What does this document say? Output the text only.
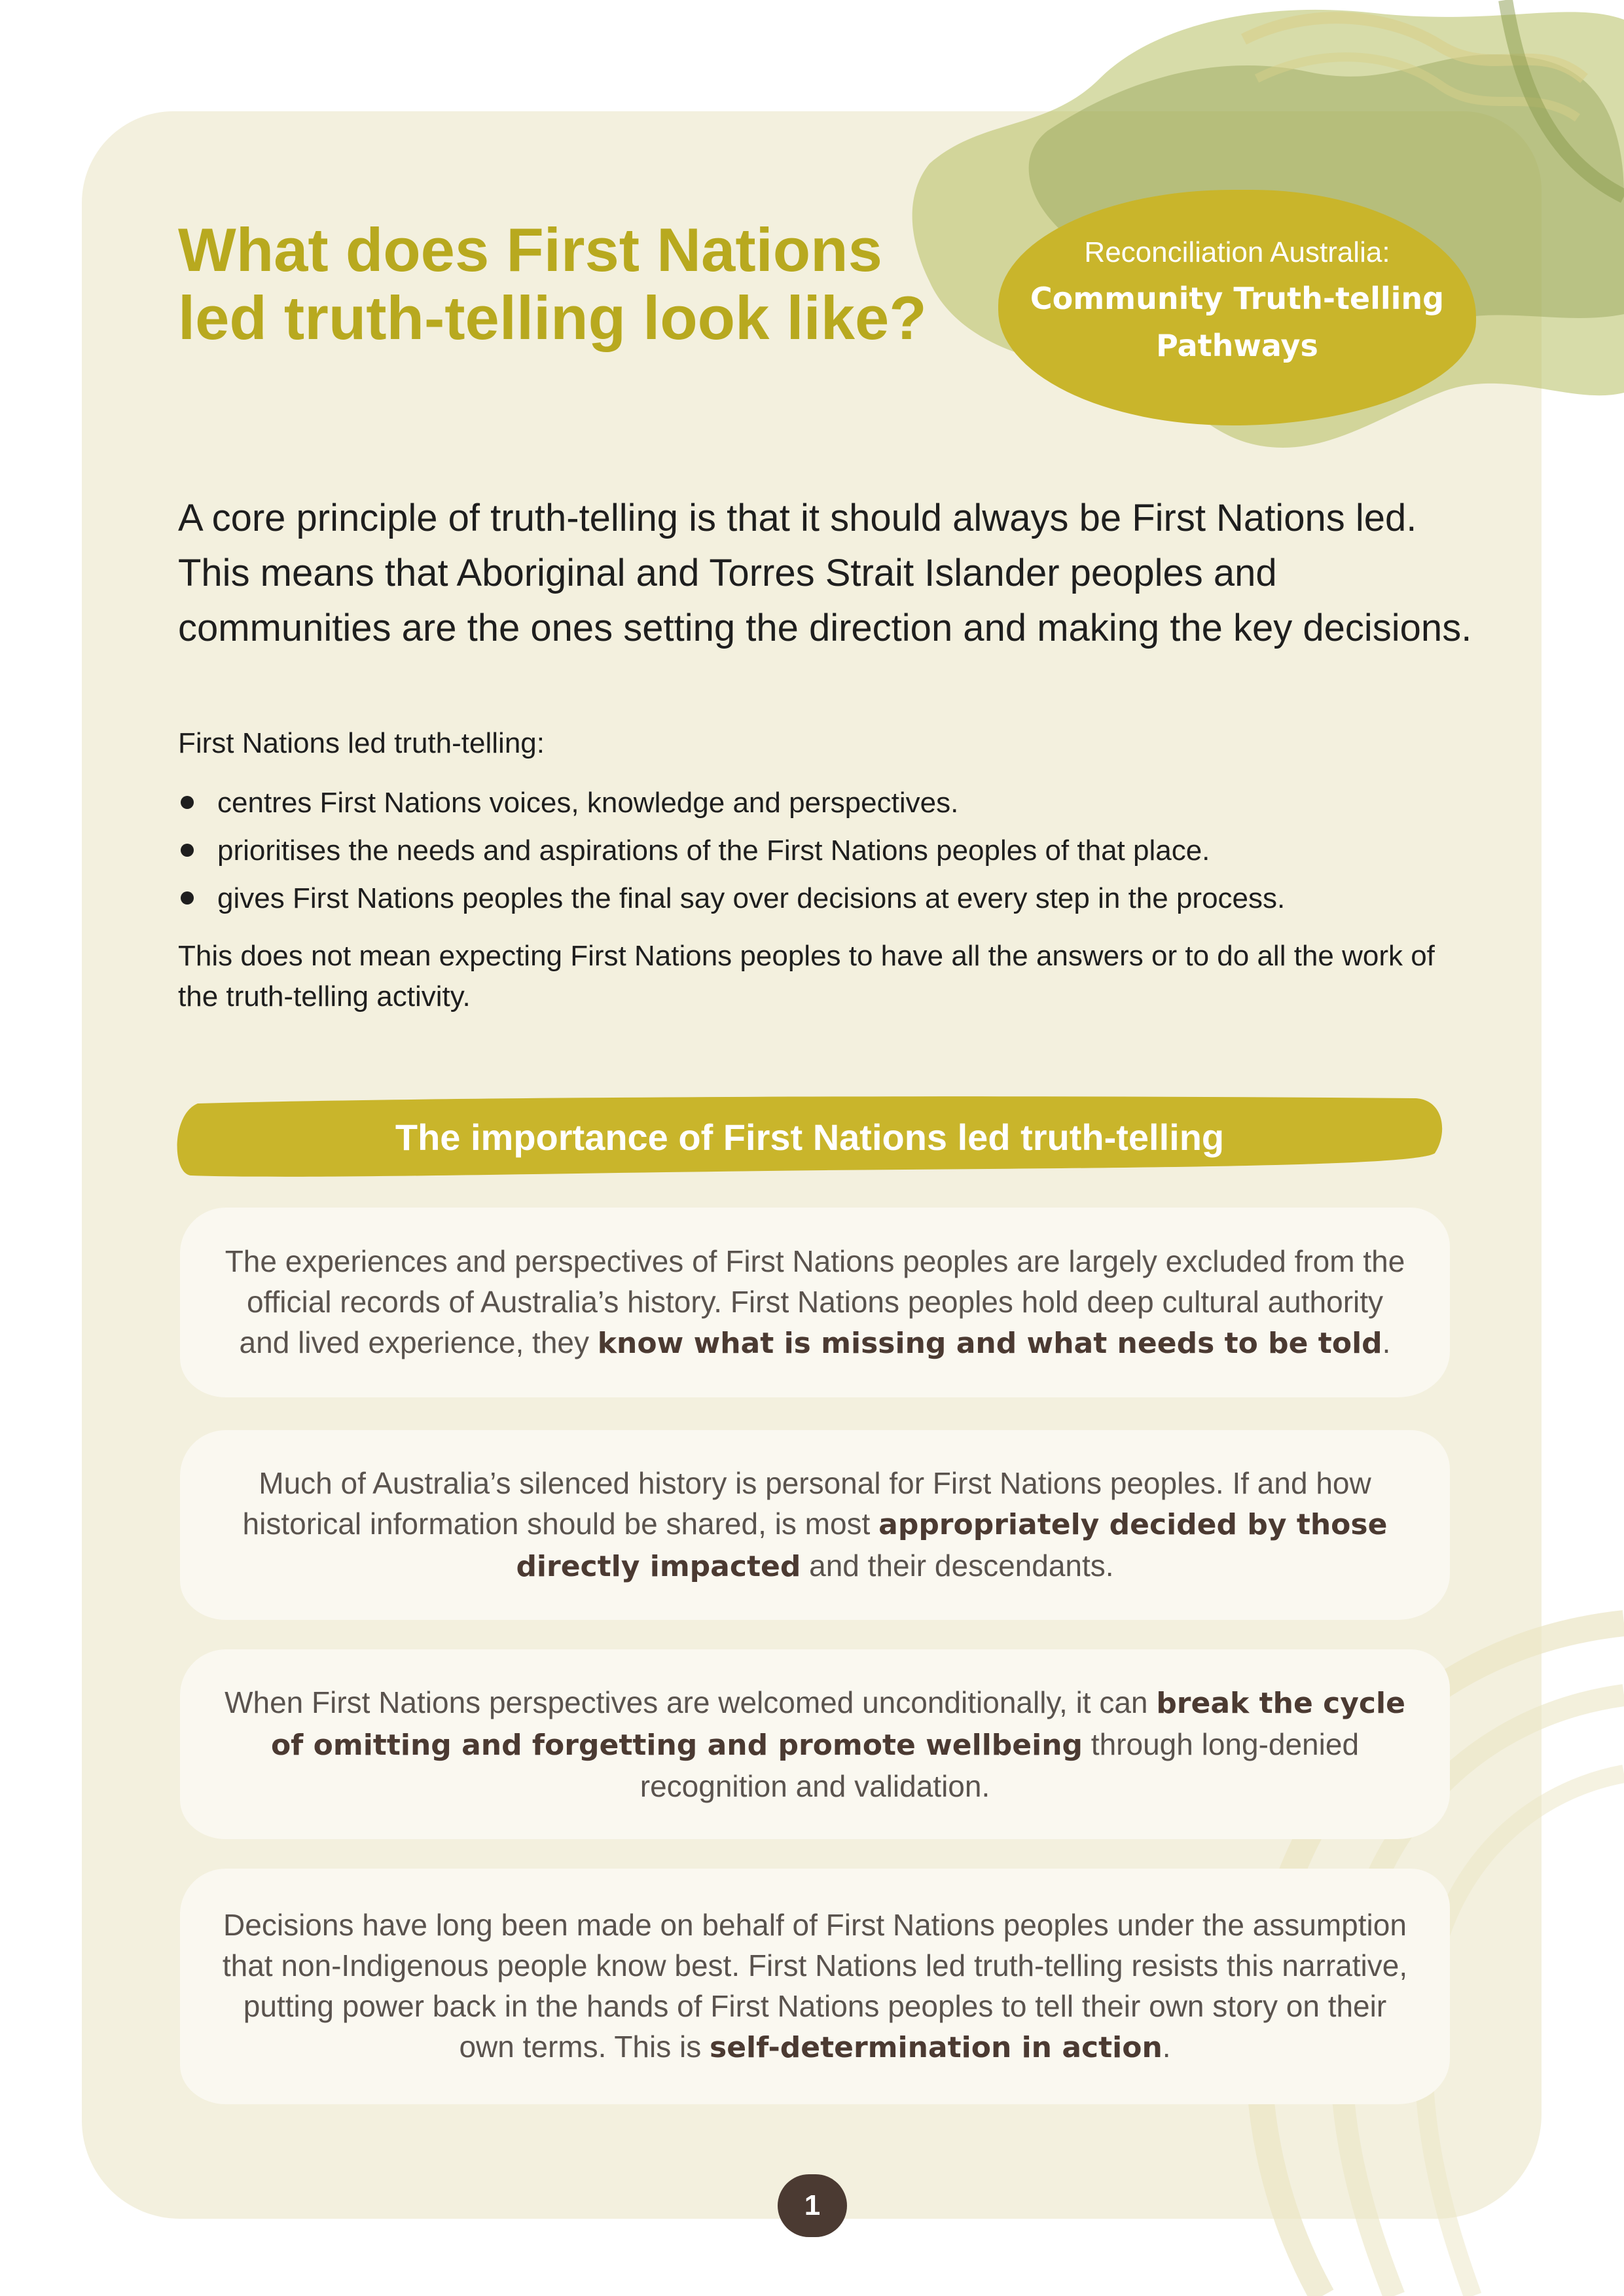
What does First Nations
led truth-telling look like?
Reconciliation Australia:
Community Truth-telling Pathways

A core principle of truth-telling is that it should always be First Nations led. This means that Aboriginal and Torres Strait Islander peoples and communities are the ones setting the direction and making the key decisions.

First Nations led truth-telling:

centres First Nations voices, knowledge and perspectives.
prioritises the needs and aspirations of the First Nations peoples of that place.
gives First Nations peoples the final say over decisions at every step in the process.

This does not mean expecting First Nations peoples to have all the answers or to do all the work of the truth-telling activity.

The importance of First Nations led truth-telling

The experiences and perspectives of First Nations peoples are largely excluded from the official records of Australia’s history. First Nations peoples hold deep cultural authority and lived experience, they know what is missing and what needs to be told.

Much of Australia’s silenced history is personal for First Nations peoples. If and how historical information should be shared, is most appropriately decided by those directly impacted and their descendants.

When First Nations perspectives are welcomed unconditionally, it can break the cycle of omitting and forgetting and promote wellbeing through long-denied recognition and validation.

Decisions have long been made on behalf of First Nations peoples under the assumption that non-Indigenous people know best. First Nations led truth-telling resists this narrative, putting power back in the hands of First Nations peoples to tell their own story on their own terms. This is self-determination in action.

1
